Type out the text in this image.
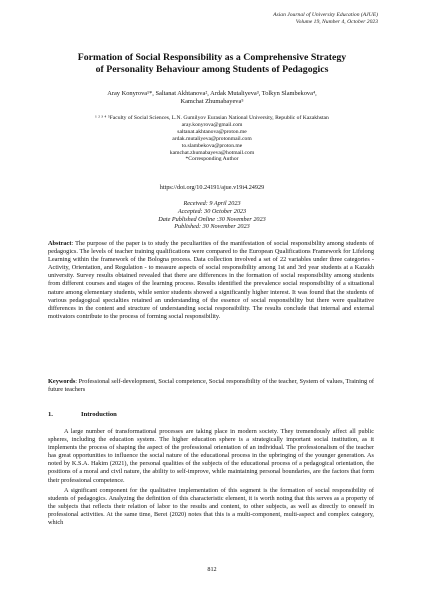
Asian Journal of University Education (AJUE)
Volume 19, Number 4, October 2023
Formation of Social Responsibility as a Comprehensive Strategy
of Personality Behaviour among Students of Pedagogics
Aray Konyrova¹*, Saltanat Akhtanova², Ardak Mutaliyeva³, Tolkyn Slambekova⁴,
Kamchat Zhumabayeva⁵
¹ ² ³ ⁴ ⁵Faculty of Social Sciences, L.N. Gumilyov Eurasian National University, Republic of Kazakhstan
aray.konyrova@gmail.com
saltanat.akhtanova@proton.me
ardak.mutaliyeva@protonmail.com
to.slambekova@proton.me
kamchat.zhumabayeva@hotmail.com
*Corresponding Author
https://doi.org/10.24191/ajue.v19i4.24929
Received: 9 April 2023
Accepted: 30 October 2023
Date Published Online :30 November 2023
Published: 30 November 2023

Abstract: The purpose of the paper is to study the peculiarities of the manifestation of social responsibility among students of pedagogics. The levels of teacher training qualifications were compared to the European Qualifications Framework for Lifelong Learning within the framework of the Bologna process. Data collection involved a set of 22 variables under three categories - Activity, Orientation, and Regulation - to measure aspects of social responsibility among 1st and 3rd year students at a Kazakh university. Survey results obtained revealed that there are differences in the formation of social responsibility among students from different courses and stages of the learning process. Results identified the prevalence social responsibility of a situational nature among elementary students, while senior students showed a significantly higher interest. It was found that the students of various pedagogical specialties retained an understanding of the essence of social responsibility but there were qualitative differences in the content and structure of understanding social responsibility. The results conclude that internal and external motivators contribute to the process of forming social responsibility.

Keywords: Professional self-development, Social competence, Social responsibility of the teacher, System of values, Training of future teachers

1.	Introduction

A large number of transformational processes are taking place in modern society. They tremendously affect all public spheres, including the education system. The higher education sphere is a strategically important social institution, as it implements the process of shaping the aspect of the professional orientation of an individual. The professionalism of the teacher has great opportunities to influence the social nature of the educational process in the upbringing of the younger generation. As noted by K.S.A. Hakim (2021), the personal qualities of the subjects of the educational process of a pedagogical orientation, the positions of a moral and civil nature, the ability to self-improve, while maintaining personal boundaries, are the factors that form their professional competence.

A significant component for the qualitative implementation of this segment is the formation of social responsibility of students of pedagogics. Analyzing the definition of this characteristic element, it is worth noting that this serves as a property of the subjects that reflects their relation of labor to the results and content, to other subjects, as well as directly to oneself in professional activities. At the same time, Berei (2020) notes that this is a multi-component, multi-aspect and complex category, which

812
